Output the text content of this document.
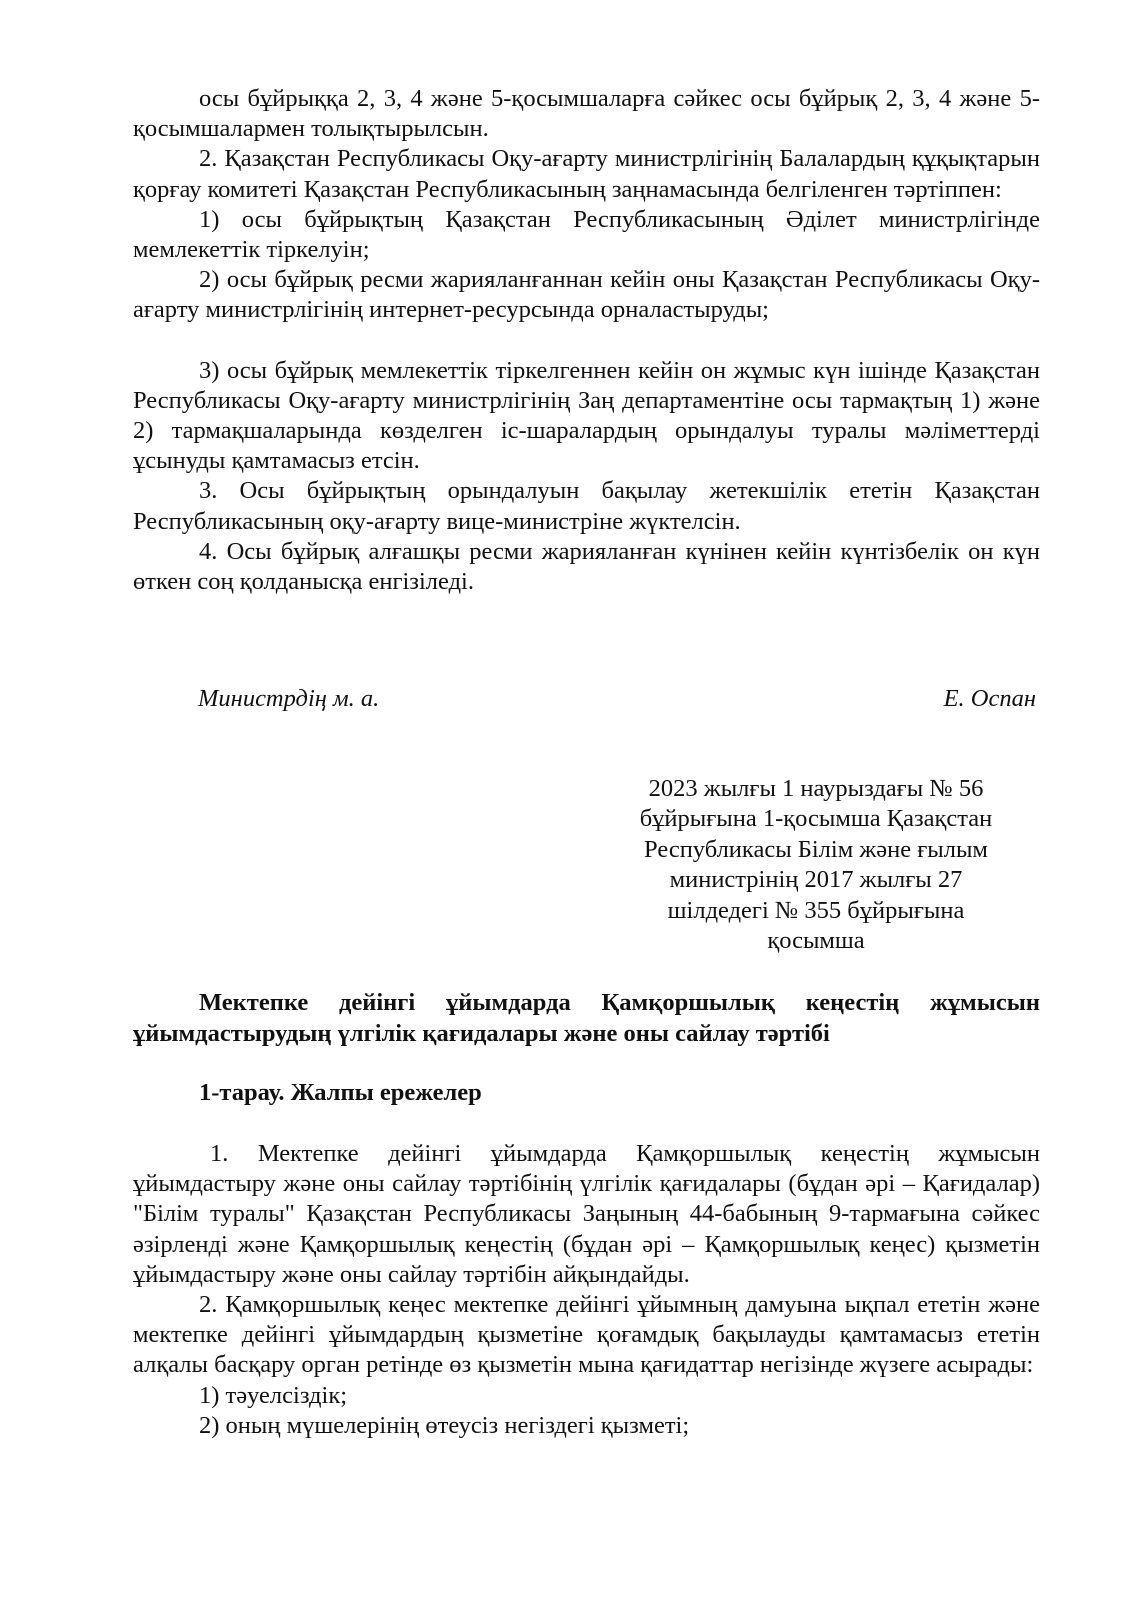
осы бұйрыққа 2, 3, 4 және 5-қосымшаларға сәйкес осы бұйрық 2, 3, 4 және 5-қосымшалармен толықтырылсын.

2. Қазақстан Республикасы Оқу-ағарту министрлігінің Балалардың құқықтарын қорғау комитеті Қазақстан Республикасының заңнамасында белгіленген тәртіппен:

1) осы бұйрықтың Қазақстан Республикасының Әділет министрлігінде мемлекеттік тіркелуін;

2) осы бұйрық ресми жарияланғаннан кейін оны Қазақстан Республикасы Оқу-ағарту министрлігінің интернет-ресурсында орналастыруды;

3) осы бұйрық мемлекеттік тіркелгеннен кейін он жұмыс күн ішінде Қазақстан Республикасы Оқу-ағарту министрлігінің Заң департаментіне осы тармақтың 1) және 2) тармақшаларында көзделген іс-шаралардың орындалуы туралы мәліметтерді ұсынуды қамтамасыз етсін.

3. Осы бұйрықтың орындалуын бақылау жетекшілік ететін Қазақстан Республикасының оқу-ағарту вице-министріне жүктелсін.

4. Осы бұйрық алғашқы ресми жарияланған күнінен кейін күнтізбелік он күн өткен соң қолданысқа енгізіледі.

Министрдің м. а.	Е. Оспан
2023 жылғы 1 наурыздағы № 56
бұйрығына 1-қосымша Қазақстан
Республикасы Білім және ғылым
министрінің 2017 жылғы 27
шілдедегі № 355 бұйрығына
қосымша

Мектепке дейінгі ұйымдарда Қамқоршылық кеңестің жұмысын ұйымдастырудың үлгілік қағидалары және оны сайлау тәртібі

1-тарау. Жалпы ережелер

1. Мектепке дейінгі ұйымдарда Қамқоршылық кеңестің жұмысын ұйымдастыру және оны сайлау тәртібінің үлгілік қағидалары (бұдан әрі – Қағидалар) "Білім туралы" Қазақстан Республикасы Заңының 44-бабының 9-тармағына сәйкес әзірленді және Қамқоршылық кеңестің (бұдан әрі – Қамқоршылық кеңес) қызметін ұйымдастыру және оны сайлау тәртібін айқындайды.

2. Қамқоршылық кеңес мектепке дейінгі ұйымның дамуына ықпал ететін және мектепке дейінгі ұйымдардың қызметіне қоғамдық бақылауды қамтамасыз ететін алқалы басқару орган ретінде өз қызметін мына қағидаттар негізінде жүзеге асырады:

1) тәуелсіздік;

2) оның мүшелерінің өтеусіз негіздегі қызметі;
